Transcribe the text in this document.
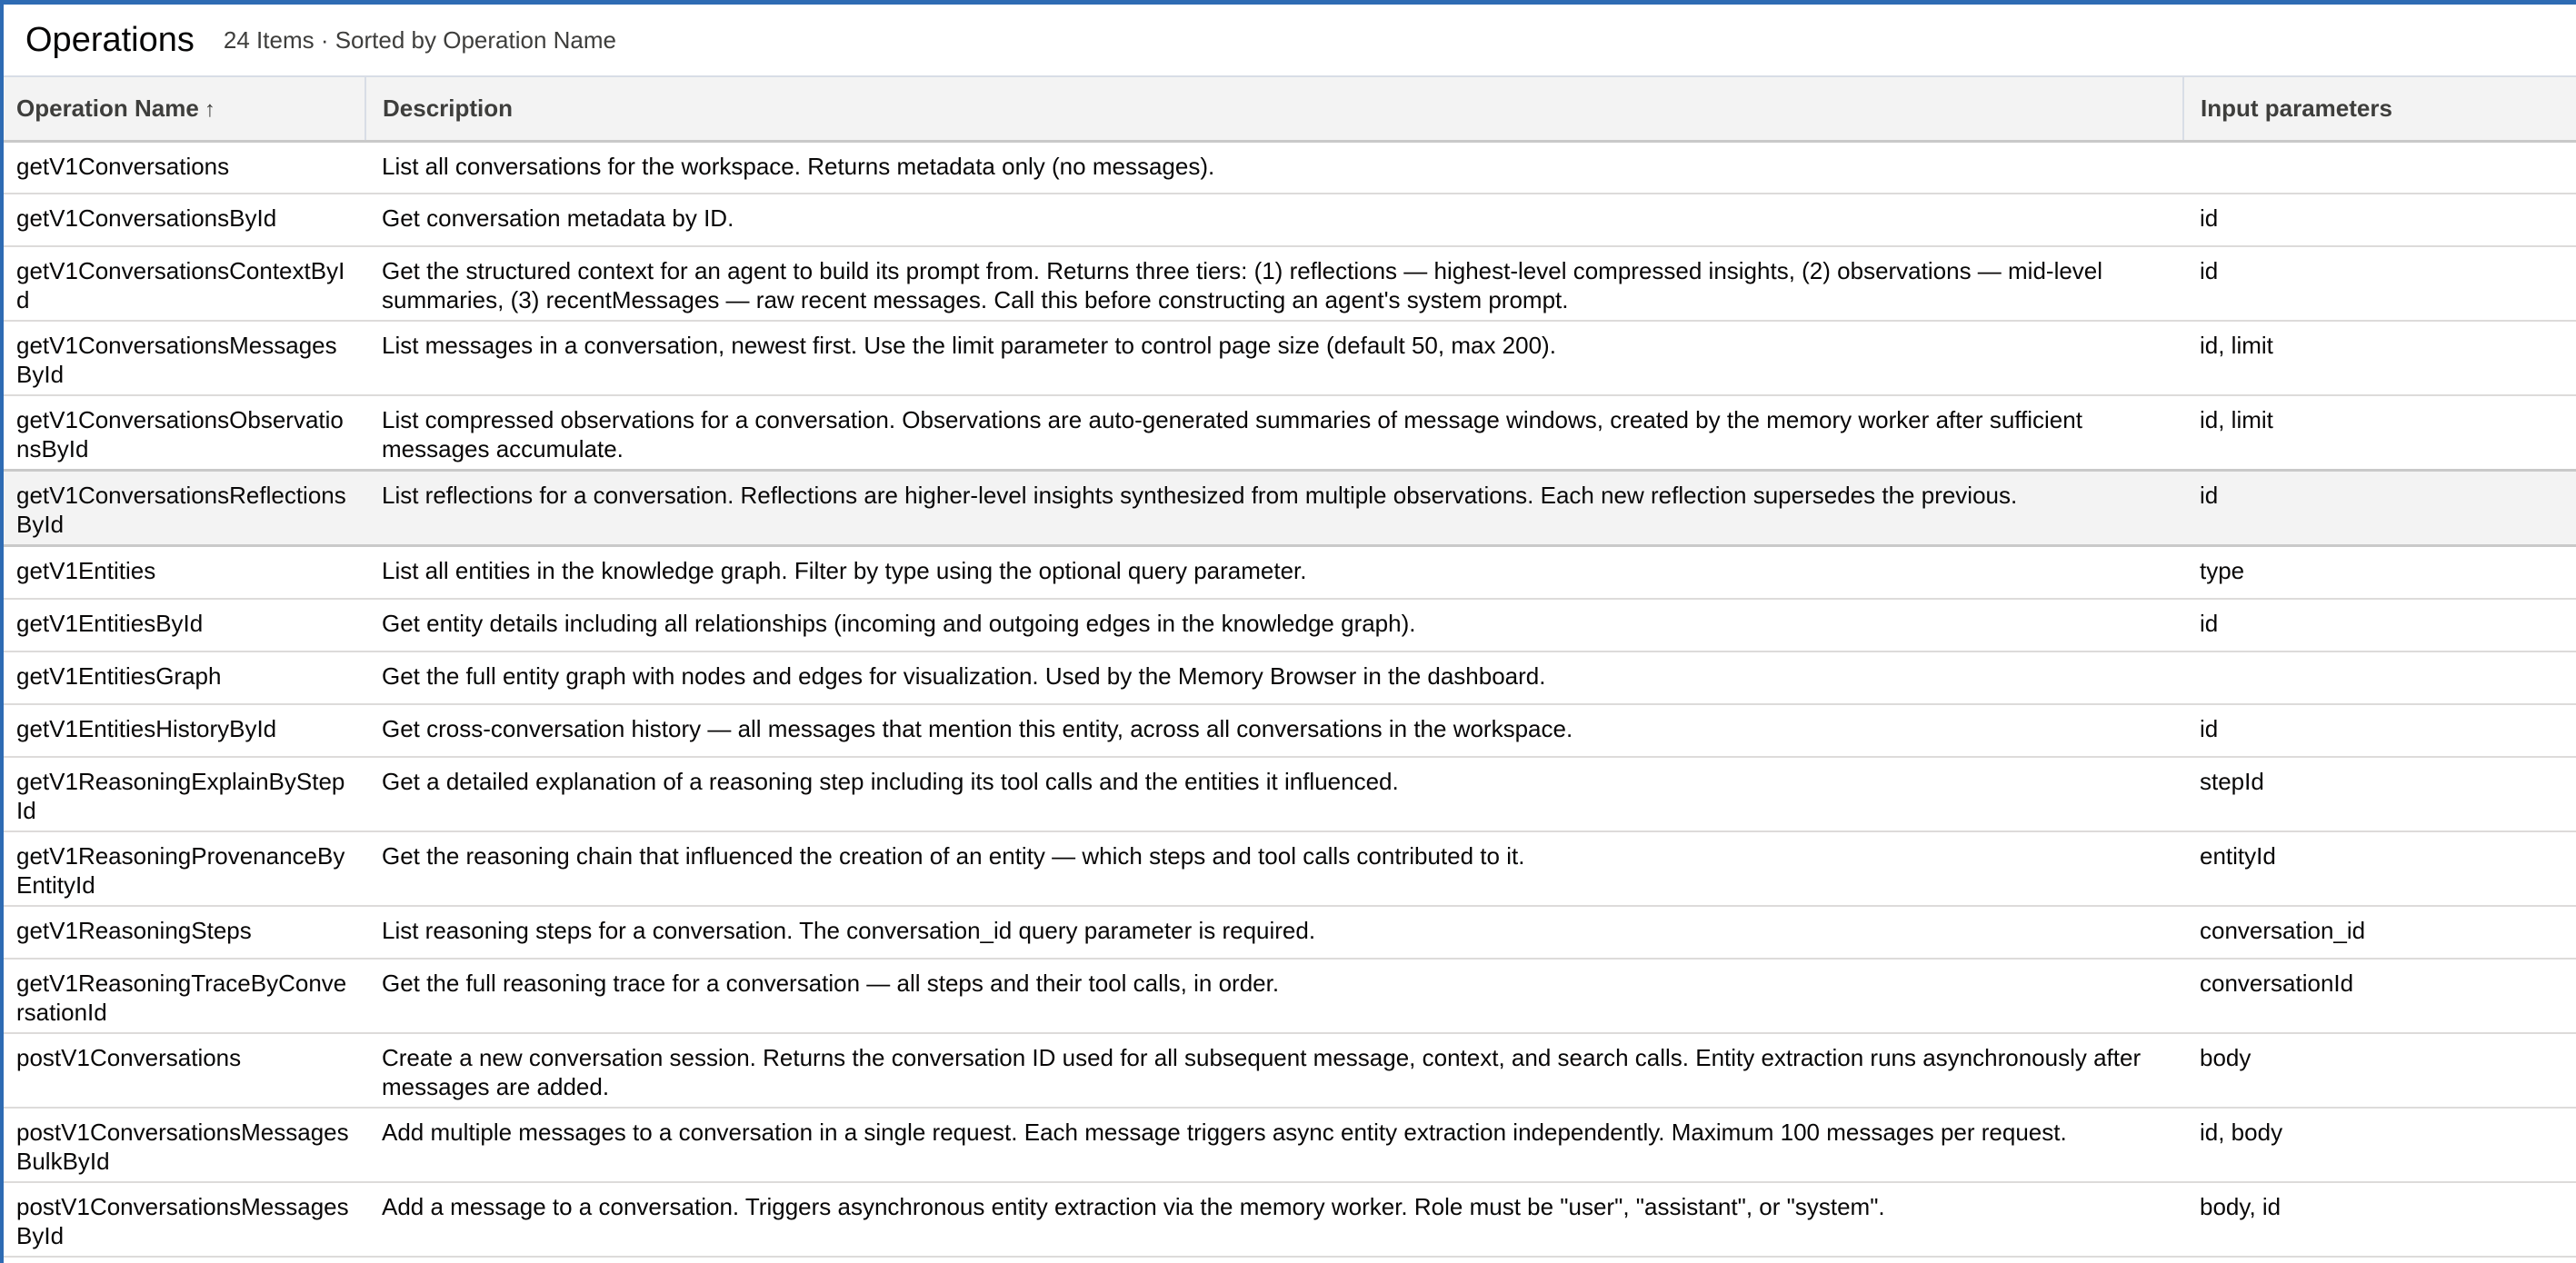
Operations 24 Items · Sorted by Operation Name
Operation Name ↑	Description	Input parameters
getV1Conversations	List all conversations for the workspace. Returns metadata only (no messages).	
getV1ConversationsById	Get conversation metadata by ID.	id
getV1ConversationsContextById	Get the structured context for an agent to build its prompt from. Returns three tiers: (1) reflections — highest-level compressed insights, (2) observations — mid-level summaries, (3) recentMessages — raw recent messages. Call this before constructing an agent's system prompt.	id
getV1ConversationsMessagesById	List messages in a conversation, newest first. Use the limit parameter to control page size (default 50, max 200).	id, limit
getV1ConversationsObservationsById	List compressed observations for a conversation. Observations are auto-generated summaries of message windows, created by the memory worker after sufficient messages accumulate.	id, limit
getV1ConversationsReflectionsById	List reflections for a conversation. Reflections are higher-level insights synthesized from multiple observations. Each new reflection supersedes the previous.	id
getV1Entities	List all entities in the knowledge graph. Filter by type using the optional query parameter.	type
getV1EntitiesById	Get entity details including all relationships (incoming and outgoing edges in the knowledge graph).	id
getV1EntitiesGraph	Get the full entity graph with nodes and edges for visualization. Used by the Memory Browser in the dashboard.	
getV1EntitiesHistoryById	Get cross-conversation history — all messages that mention this entity, across all conversations in the workspace.	id
getV1ReasoningExplainByStepId	Get a detailed explanation of a reasoning step including its tool calls and the entities it influenced.	stepId
getV1ReasoningProvenanceByEntityId	Get the reasoning chain that influenced the creation of an entity — which steps and tool calls contributed to it.	entityId
getV1ReasoningSteps	List reasoning steps for a conversation. The conversation_id query parameter is required.	conversation_id
getV1ReasoningTraceByConversationId	Get the full reasoning trace for a conversation — all steps and their tool calls, in order.	conversationId
postV1Conversations	Create a new conversation session. Returns the conversation ID used for all subsequent message, context, and search calls. Entity extraction runs asynchronously after messages are added.	body
postV1ConversationsMessagesBulkById	Add multiple messages to a conversation in a single request. Each message triggers async entity extraction independently. Maximum 100 messages per request.	id, body
postV1ConversationsMessagesById	Add a message to a conversation. Triggers asynchronous entity extraction via the memory worker. Role must be "user", "assistant", or "system".	body, id
